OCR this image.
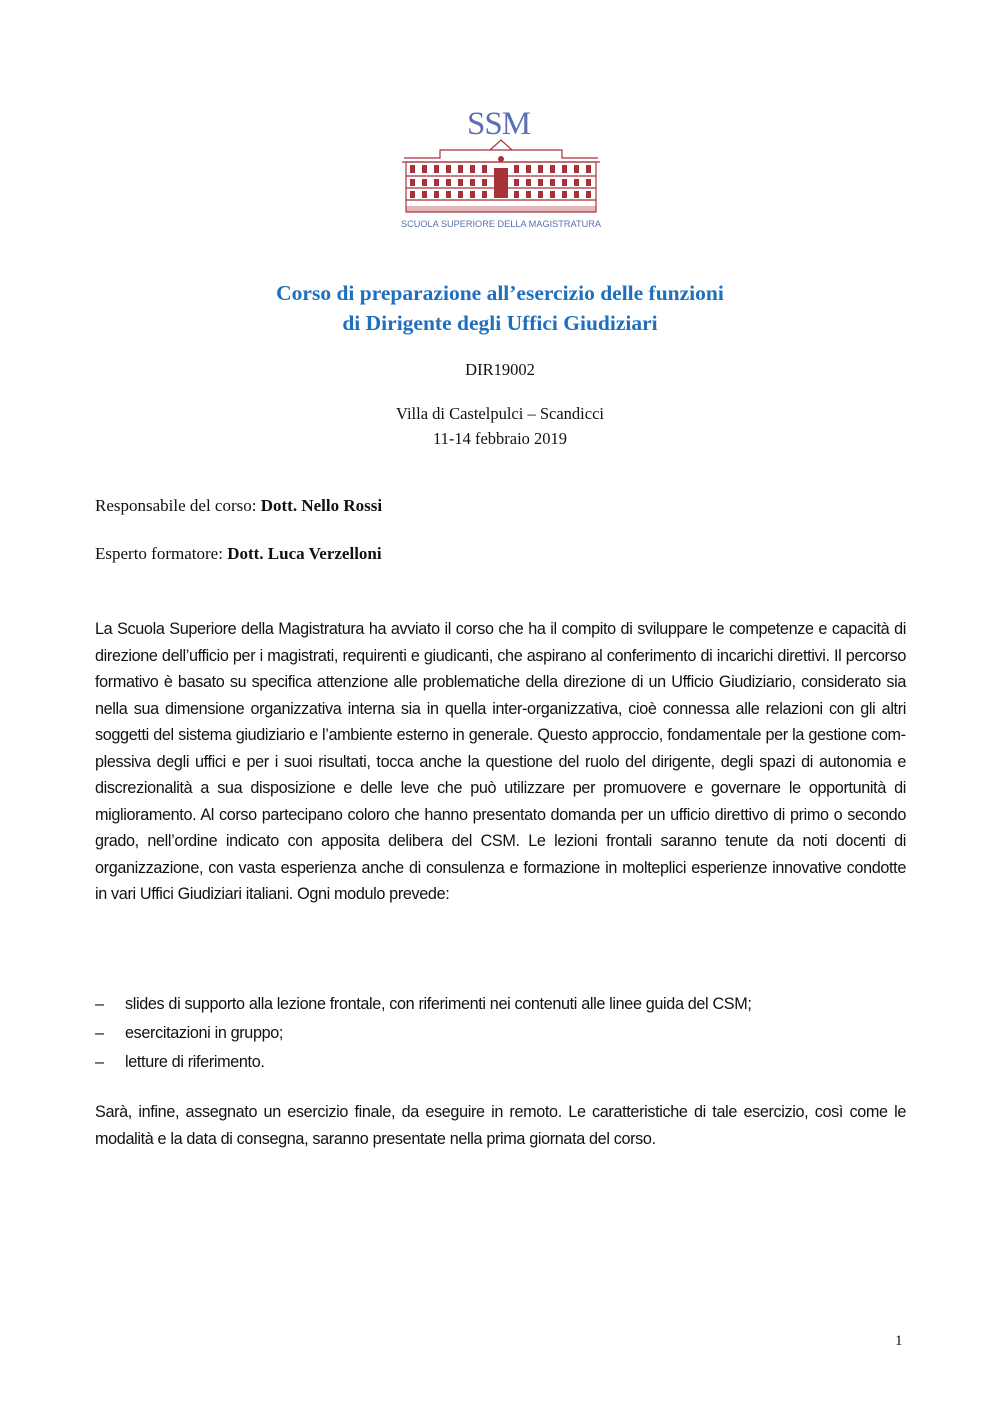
SSM
SCUOLA SUPERIORE DELLA MAGISTRATURA
Corso di preparazione all’esercizio delle funzioni
di Dirigente degli Uffici Giudiziari
DIR19002
Villa di Castelpulci – Scandicci
11-14 febbraio 2019
Responsabile del corso: Dott. Nello Rossi
Esperto formatore: Dott. Luca Verzelloni
La Scuola Superiore della Magistratura ha avviato il corso che ha il compito di sviluppare le competenze e capacità di direzione dell’ufficio per i magistrati, requirenti e giudicanti, che aspirano al conferimento di incarichi direttivi. Il percorso formativo è basato su specifica attenzione alle problematiche della direzione di un Ufficio Giudiziario, considerato sia nella sua dimensione organizzativa interna sia in quella inter-organizzativa, cioè connessa alle relazioni con gli altri soggetti del sistema giudiziario e l’ambiente esterno in generale. Questo approccio, fondamentale per la gestione complessiva degli uffici e per i suoi risultati, tocca anche la questione del ruolo del dirigente, degli spazi di autonomia e discrezionalità a sua disposizione e delle leve che può utilizzare per promuovere e governare le opportunità di miglioramento. Al corso partecipano coloro che hanno presentato domanda per un ufficio direttivo di primo o secondo grado, nell’ordine indicato con apposita delibera del CSM. Le lezioni frontali saranno tenute da noti docenti di organizzazione, con vasta esperienza anche di consulenza e formazione in molteplici esperienze innovative condotte in vari Uffici Giudiziari italiani. Ogni modulo prevede:
– slides di supporto alla lezione frontale, con riferimenti nei contenuti alle linee guida del CSM;
– esercitazioni in gruppo;
– letture di riferimento.
Sarà, infine, assegnato un esercizio finale, da eseguire in remoto. Le caratteristiche di tale esercizio, così come le modalità e la data di consegna, saranno presentate nella prima giornata del corso.
1
